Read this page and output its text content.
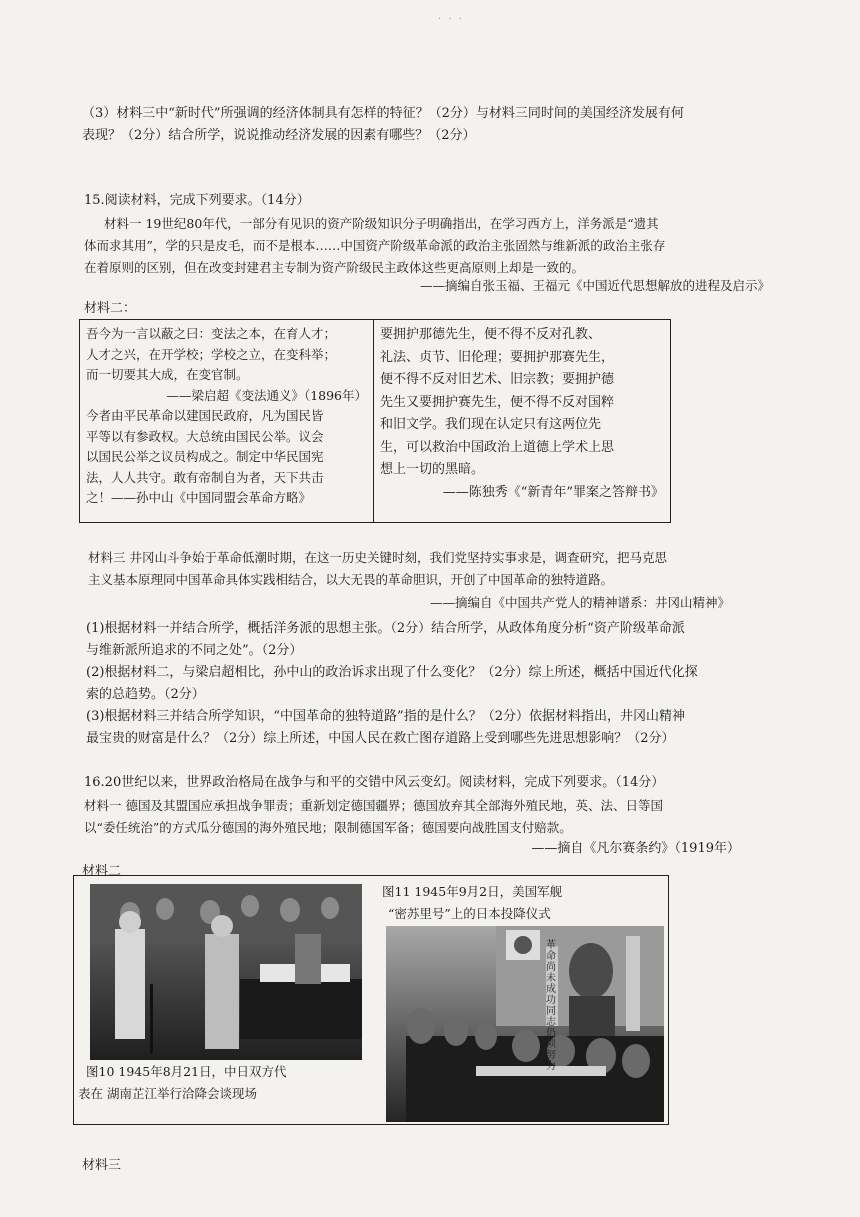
· · ·
（3）材料三中“新时代”所强调的经济体制具有怎样的特征？（2分）与材料三同时间的美国经济发展有何
表现？（2分）结合所学，说说推动经济发展的因素有哪些？（2分）
15.阅读材料，完成下列要求。（14分）
材料一 19世纪80年代，一部分有见识的资产阶级知识分子明确指出，在学习西方上，洋务派是“遗其
体而求其用”，学的只是皮毛，而不是根本……中国资产阶级革命派的政治主张固然与维新派的政治主张存
在着原则的区别，但在改变封建君主专制为资产阶级民主政体这些更高原则上却是一致的。
——摘编自张玉福、王福元《中国近代思想解放的进程及启示》
材料二：
吾今为一言以蔽之曰：变法之本，在育人才；
人才之兴，在开学校；学校之立，在变科举；
而一切要其大成，在变官制。
——梁启超《变法通义》（1896年）
今者由平民革命以建国民政府，凡为国民皆
平等以有参政权。大总统由国民公举。议会
以国民公举之议员构成之。制定中华民国宪
法，人人共守。敢有帝制自为者，天下共击
之！——孙中山《中国同盟会革命方略》
要拥护那德先生，便不得不反对孔教、
礼法、贞节、旧伦理；要拥护那赛先生，
便不得不反对旧艺术、旧宗教；要拥护德
先生又要拥护赛先生，便不得不反对国粹
和旧文学。我们现在认定只有这两位先
生，可以救治中国政治上道德上学术上思
想上一切的黑暗。
——陈独秀《“新青年”罪案之答辩书》
材料三 井冈山斗争始于革命低潮时期，在这一历史关键时刻，我们党坚持实事求是，调查研究，把马克思
主义基本原理同中国革命具体实践相结合，以大无畏的革命胆识，开创了中国革命的独特道路。
——摘编自《中国共产党人的精神谱系：井冈山精神》
(1)根据材料一并结合所学，概括洋务派的思想主张。（2分）结合所学，从政体角度分析“资产阶级革命派
与维新派所追求的不同之处”。（2分）
(2)根据材料二，与梁启超相比，孙中山的政治诉求出现了什么变化？（2分）综上所述，概括中国近代化探
索的总趋势。（2分）
(3)根据材料三并结合所学知识，“中国革命的独特道路”指的是什么？（2分）依据材料指出，井冈山精神
最宝贵的财富是什么？（2分）综上所述，中国人民在救亡图存道路上受到哪些先进思想影响？（2分）
16.20世纪以来，世界政治格局在战争与和平的交错中风云变幻。阅读材料，完成下列要求。（14分）
材料一 德国及其盟国应承担战争罪责；重新划定德国疆界；德国放弃其全部海外殖民地，英、法、日等国
以“委任统治”的方式瓜分德国的海外殖民地；限制德国军备；德国要向战胜国支付赔款。
——摘自《凡尔赛条约》（1919年）
材料二
图10 1945年8月21日，中日双方代
表在 湖南芷江举行洽降会谈现场
图11 1945年9月2日，美国军舰
“密苏里号”上的日本投降仪式
革命尚未成功 同志仍须努力
材料三
